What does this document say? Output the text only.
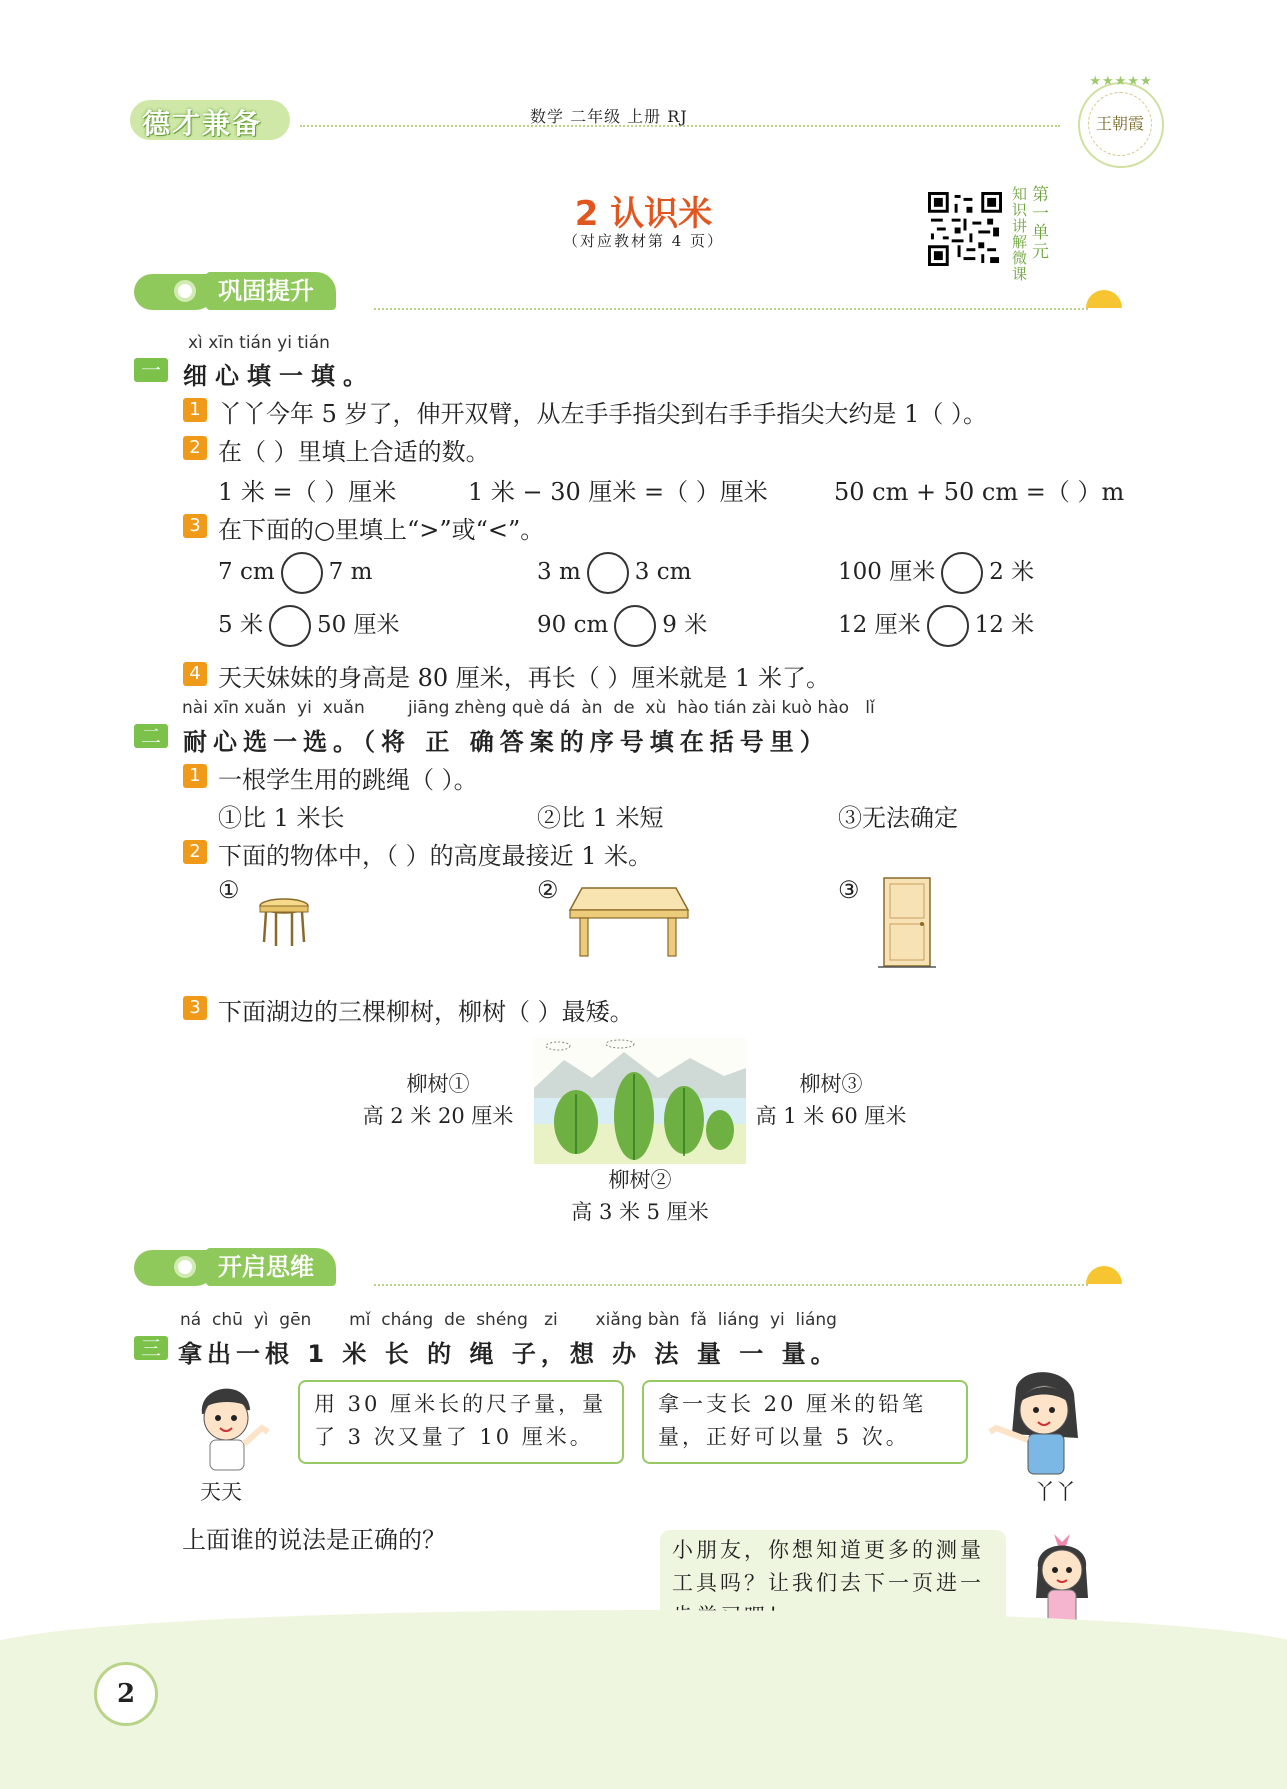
德才兼备	数学 二年级 上册 RJ
★★★★★
王朝霞
2 认识米
（对应教材第 4 页）
知识讲解微课
第一单元
巩固提升
xì xīn tián yi tián
一 细心填一填。
1 丫丫今年 5 岁了，伸开双臂，从左手手指尖到右手手指尖大约是 1（ ）。
2 在（ ）里填上合适的数。
1 米 =（ ）厘米	1 米 − 30 厘米 =（ ）厘米	50 cm + 50 cm =（ ）m
3 在下面的○里填上“>”或“<”。
7 cm 7 m	3 m 3 cm	100 厘米 2 米
5 米 50 厘米	90 cm 9 米	12 厘米 12 米
4 天天妹妹的身高是 80 厘米，再长（ ）厘米就是 1 米了。
nài xīn xuǎn  yi  xuǎn        jiāng zhèng què dá  àn  de  xù  hào tián zài kuò hào   lǐ
二 耐心选一选。（将 正 确答案的序号填在括号里）
1 一根学生用的跳绳（ ）。
①比 1 米长	②比 1 米短	③无法确定
2 下面的物体中，（ ）的高度最接近 1 米。
①	②	③
3 下面湖边的三棵柳树，柳树（ ）最矮。
柳树①
高 2 米 20 厘米
柳树③
高 1 米 60 厘米
柳树②
高 3 米 5 厘米
开启思维
ná  chū  yì  gēn       mǐ  cháng  de  shéng   zi       xiǎng bàn  fǎ  liáng  yi  liáng
三 拿出一根 1 米 长 的 绳 子，想 办 法 量 一 量。
天天
用 30 厘米长的尺子量，量了 3 次又量了 10 厘米。
拿一支长 20 厘米的铅笔量，正好可以量 5 次。
丫丫
上面谁的说法是正确的？	小朋友，你想知道更多的测量工具吗？让我们去下一页进一
2
